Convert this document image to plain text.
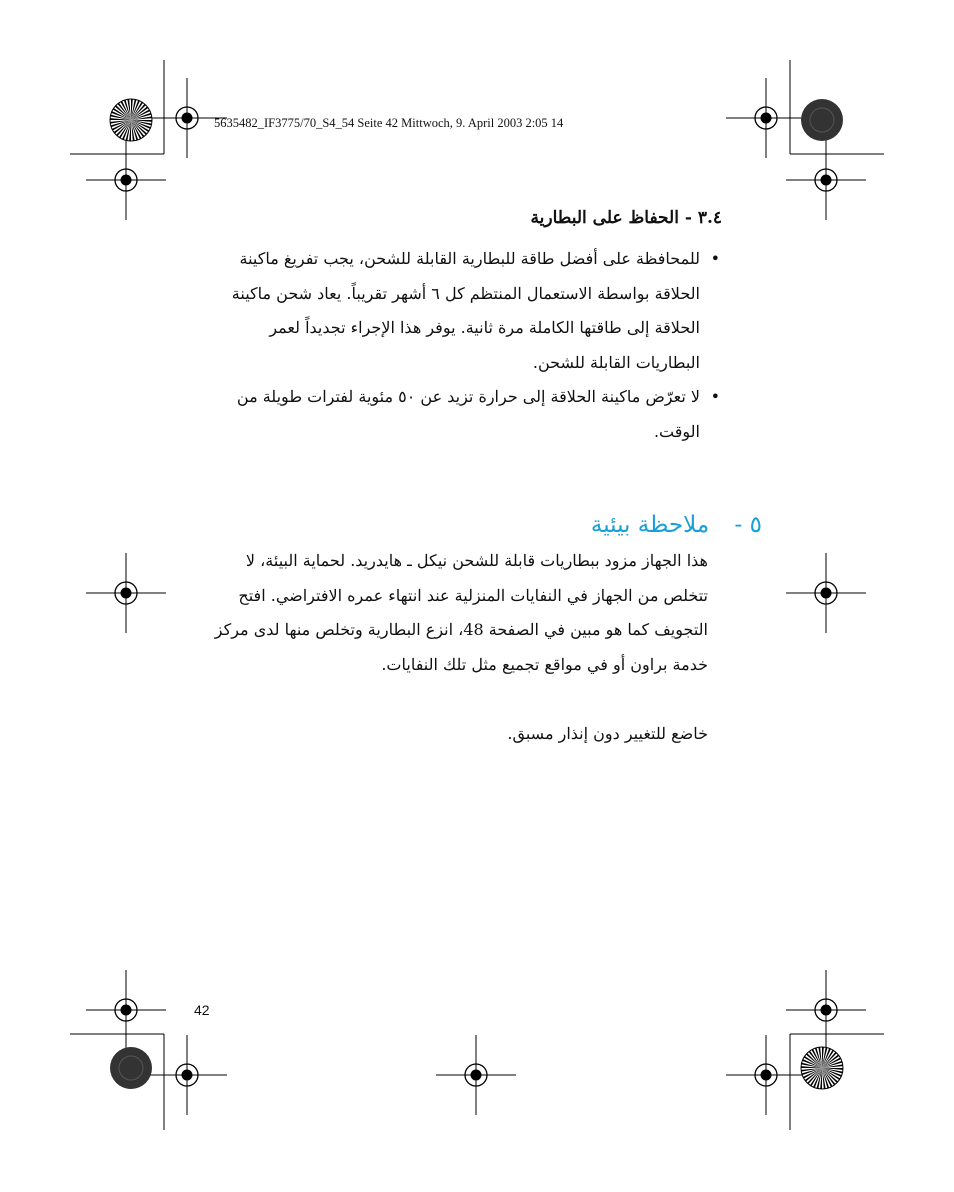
5635482_IF3775/70_S4_54 Seite 42 Mittwoch, 9. April 2003 2:05 14
٣.٤ - الحفاظ على البطارية

•
للمحافظة على أفضل طاقة للبطارية القابلة للشحن، يجب تفريغ ماكينة الحلاقة بواسطة الاستعمال المنتظم كل ٦ أشهر تقريباً. يعاد شحن ماكينة الحلاقة إلى طاقتها الكاملة مرة ثانية. يوفر هذا الإجراء تجديداً لعمر البطاريات القابلة للشحن.

•
لا تعرّض ماكينة الحلاقة إلى حرارة تزيد عن ٥٠ مئوية لفترات طويلة من الوقت.

٥ - ملاحظة بيئية
هذا الجهاز مزود ببطاريات قابلة للشحن نيكل ـ هايدريد. لحماية البيئة، لا تتخلص من الجهاز في النفايات المنزلية عند انتهاء عمره الافتراضي. افتح التجويف كما هو مبين في الصفحة 48، انزع البطارية وتخلص منها لدى مركز خدمة براون أو في مواقع تجميع مثل تلك النفايات.
خاضع للتغيير دون إنذار مسبق.
42
